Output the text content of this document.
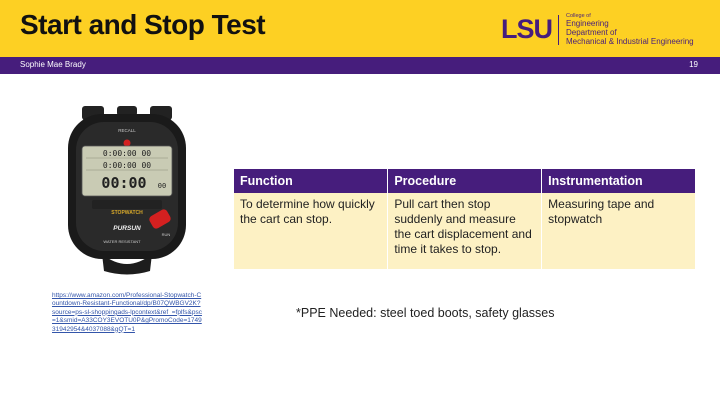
Start and Stop Test	LSU	College of
Engineering
Department of
Mechanical & Industrial Engineering
Sophie Mae Brady	19
RECALL
0:00:00 00
0:00:00 00
00:00 00
STOPWATCH
PURSUN
WATER RESISTANT
RUN
https://www.amazon.com/Professional-Stopwatch-Countdown-Resistant-Functional/dp/B07QWBGV2K?source=ps-sl-shoppingads-lpcontext&ref_=fplfs&psc=1&smid=A33COY3EVOTU0P&gPromoCode=174931942954&4037088&gQT=1
Function	Procedure	Instrumentation
To determine how quickly the cart can stop.	Pull cart then stop suddenly and measure the cart displacement and time it takes to stop.	Measuring tape and stopwatch
*PPE Needed: steel toed boots, safety glasses
